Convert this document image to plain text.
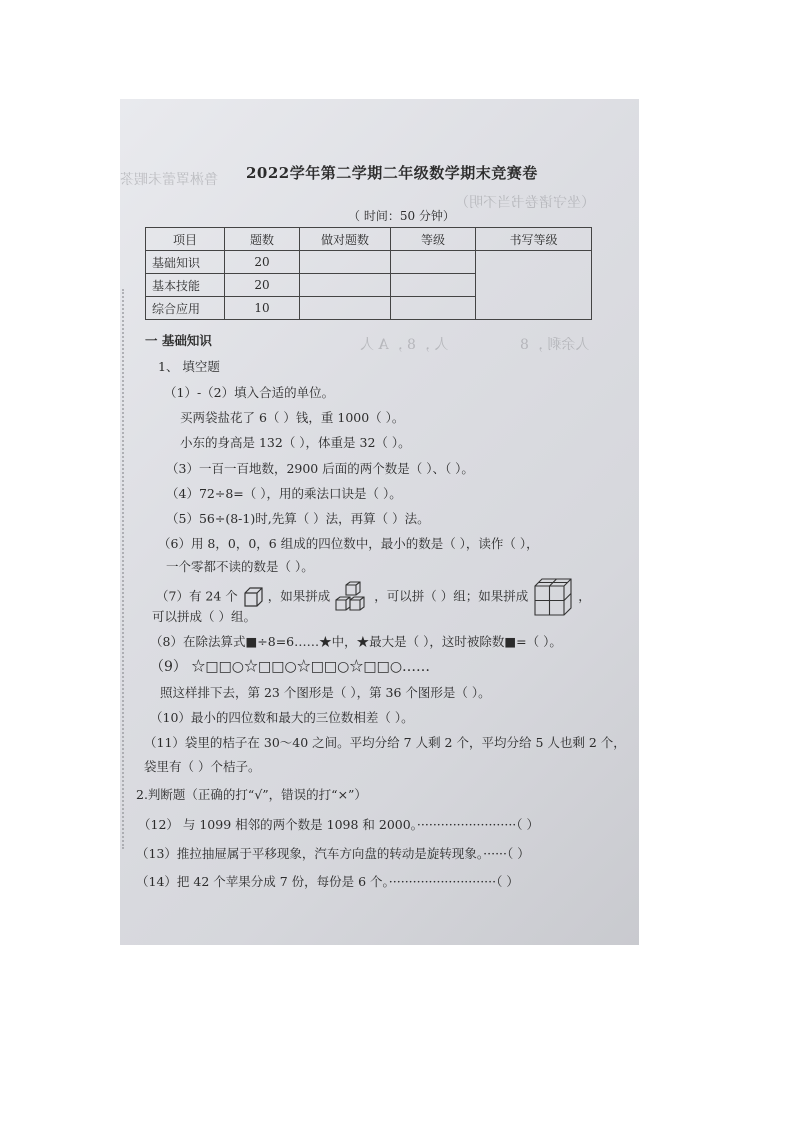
鲁淋罩蕾未暇茶
（坐守诸卷书当不明）
人 ，8 ，A 人	人余剩 ，8
2022学年第二学期二年级数学期末竞赛卷
（ 时间：50 分钟）
项目	题数	做对题数	等级	书写等级
基础知识	20			
基本技能	20			
综合应用	10			
一 基础知识
1、 填空题
（1）-（2）填入合适的单位。
买两袋盐花了 6（ ）钱，重 1000（ ）。
小东的身高是 132（ ），体重是 32（ ）。
（3）一百一百地数，2900 后面的两个数是（ ）、（ ）。
（4）72÷8=（ ），用的乘法口诀是（ ）。
（5）56÷(8-1)时,先算（ ）法，再算（ ）法。
（6）用 8，0，0，6 组成的四位数中，最小的数是（ ），读作（ ），
一个零都不读的数是（ ）。
（7）有 24 个 ，如果拼成	，可以拼（ ）组；如果拼成	，
可以拼成（ ）组。
（8）在除法算式■÷8=6……★中，★最大是（ ），这时被除数■=（ ）。
（9） ☆□□○☆□□○☆□□○☆□□○……
照这样排下去，第 23 个图形是（ ），第 36 个图形是（ ）。
（10）最小的四位数和最大的三位数相差（ ）。
（11）袋里的桔子在 30～40 之间。平均分给 7 人剩 2 个，平均分给 5 人也剩 2 个，
袋里有（ ）个桔子。
2.判断题（正确的打“√”，错误的打“×”）
（12） 与 1099 相邻的两个数是 1098 和 2000。·························（ ）
（13）推拉抽屉属于平移现象，汽车方向盘的转动是旋转现象。······（ ）
（14）把 42 个苹果分成 7 份，每份是 6 个。···························（ ）
